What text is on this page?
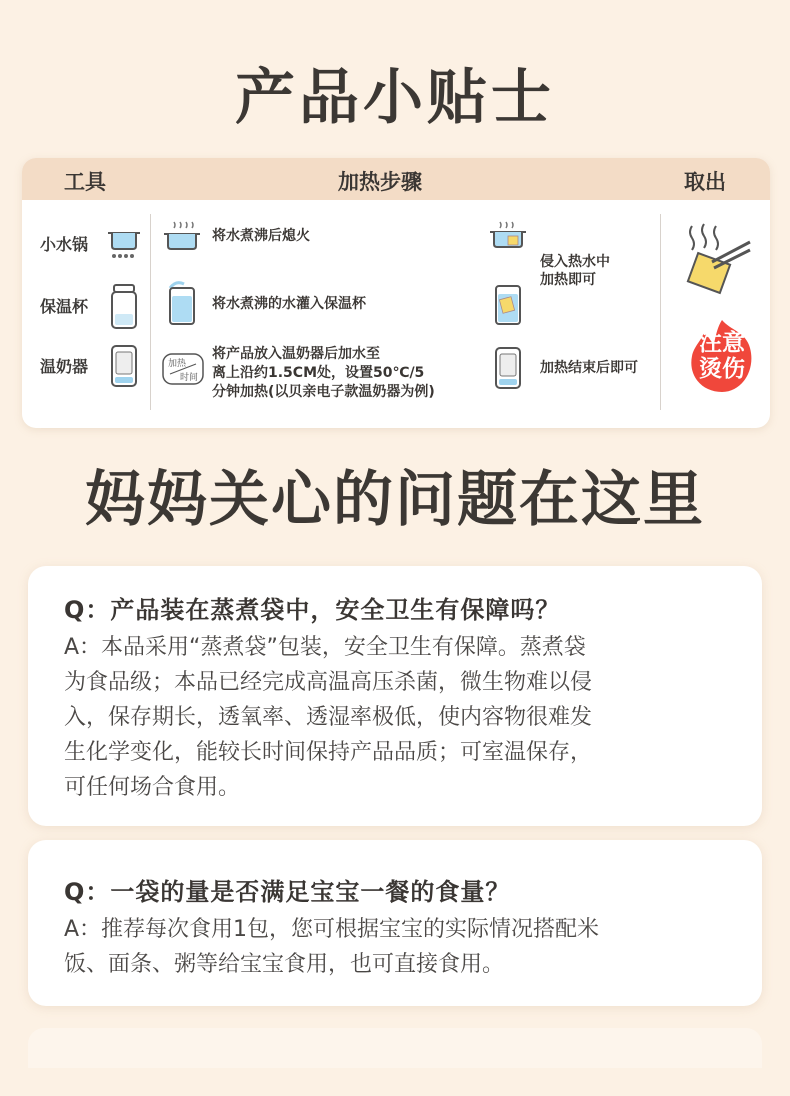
产品小贴士
工具	加热步骤	取出
小水锅
保温杯
温奶器
将水煮沸后熄火
将水煮沸的水灌入保温杯
加热
时间
将产品放入温奶器后加水至
离上沿约1.5CM处，设置50℃/5
分钟加热(以贝亲电子款温奶器为例)
侵入热水中
加热即可
加热结束后即可
注意
烫伤
妈妈关心的问题在这里
Q：产品装在蒸煮袋中，安全卫生有保障吗？
A：本品采用“蒸煮袋”包装，安全卫生有保障。蒸煮袋
为食品级；本品已经完成高温高压杀菌，微生物难以侵
入，保存期长，透氧率、透湿率极低，使内容物很难发
生化学变化，能较长时间保持产品品质；可室温保存，
可任何场合食用。
Q：一袋的量是否满足宝宝一餐的食量？
A：推荐每次食用1包，您可根据宝宝的实际情况搭配米
饭、面条、粥等给宝宝食用，也可直接食用。
